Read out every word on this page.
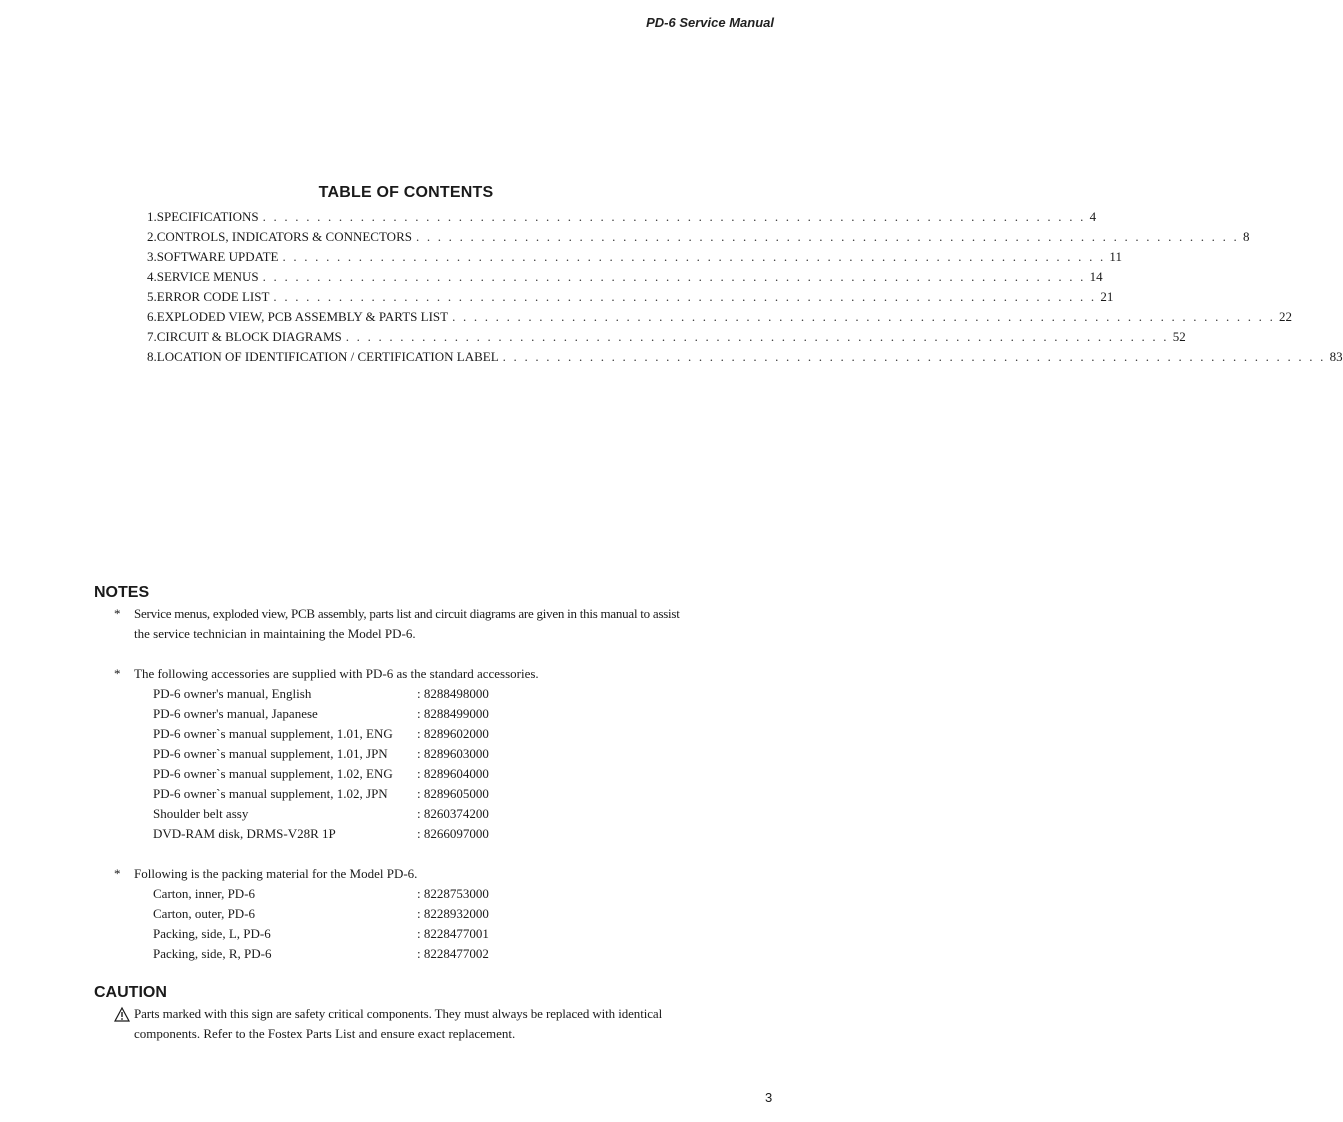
PD-6 Service Manual
TABLE OF CONTENTS
1. SPECIFICATIONS . . . . . . . . . . . . . . . . . . . . . . . . . . . . . . . . . . . . . . . . . . . . . . . . . . . . . . . . . . . . . . . . . . . . . . . . . . . . 4
2. CONTROLS, INDICATORS & CONNECTORS . . . . . . . . . . . . . . . . . . . . . . . . . . . . . . . . . . . . . . . . . . . . . . . . . . . . . . . . . . . . . . . . . . . . . . . . . . . . 8
3. SOFTWARE UPDATE . . . . . . . . . . . . . . . . . . . . . . . . . . . . . . . . . . . . . . . . . . . . . . . . . . . . . . . . . . . . . . . . . . . . . . . . . . . . 11
4. SERVICE MENUS . . . . . . . . . . . . . . . . . . . . . . . . . . . . . . . . . . . . . . . . . . . . . . . . . . . . . . . . . . . . . . . . . . . . . . . . . . . . 14
5. ERROR CODE LIST . . . . . . . . . . . . . . . . . . . . . . . . . . . . . . . . . . . . . . . . . . . . . . . . . . . . . . . . . . . . . . . . . . . . . . . . . . . . 21
6. EXPLODED VIEW, PCB ASSEMBLY & PARTS LIST . . . . . . . . . . . . . . . . . . . . . . . . . . . . . . . . . . . . . . . . . . . . . . . . . . . . . . . . . . . . . . . . . . . . . . . . . . . . 22
7. CIRCUIT & BLOCK DIAGRAMS . . . . . . . . . . . . . . . . . . . . . . . . . . . . . . . . . . . . . . . . . . . . . . . . . . . . . . . . . . . . . . . . . . . . . . . . . . . . 52
8. LOCATION OF IDENTIFICATION / CERTIFICATION LABEL . . . . . . . . . . . . . . . . . . . . . . . . . . . . . . . . . . . . . . . . . . . . . . . . . . . . . . . . . . . . . . . . . . . . . . . . . . . . 83
NOTES
*	Service menus, exploded view, PCB assembly, parts list and circuit diagrams are given in this manual to assist
the service technician in maintaining the Model PD-6.
*	The following accessories are supplied with PD-6 as the standard accessories.
PD-6 owner's manual, English	: 8288498000
PD-6 owner's manual, Japanese	: 8288499000
PD-6 owner`s manual supplement, 1.01, ENG	: 8289602000
PD-6 owner`s manual supplement, 1.01, JPN	: 8289603000
PD-6 owner`s manual supplement, 1.02, ENG	: 8289604000
PD-6 owner`s manual supplement, 1.02, JPN	: 8289605000
Shoulder belt assy	: 8260374200
DVD-RAM disk, DRMS-V28R 1P	: 8266097000
*	Following is the packing material for the Model PD-6.
Carton, inner, PD-6	: 8228753000
Carton, outer, PD-6	: 8228932000
Packing, side, L, PD-6	: 8228477001
Packing, side, R, PD-6	: 8228477002
CAUTION
Parts marked with this sign are safety critical components. They must always be replaced with identical
components. Refer to the Fostex Parts List and ensure exact replacement.
3
